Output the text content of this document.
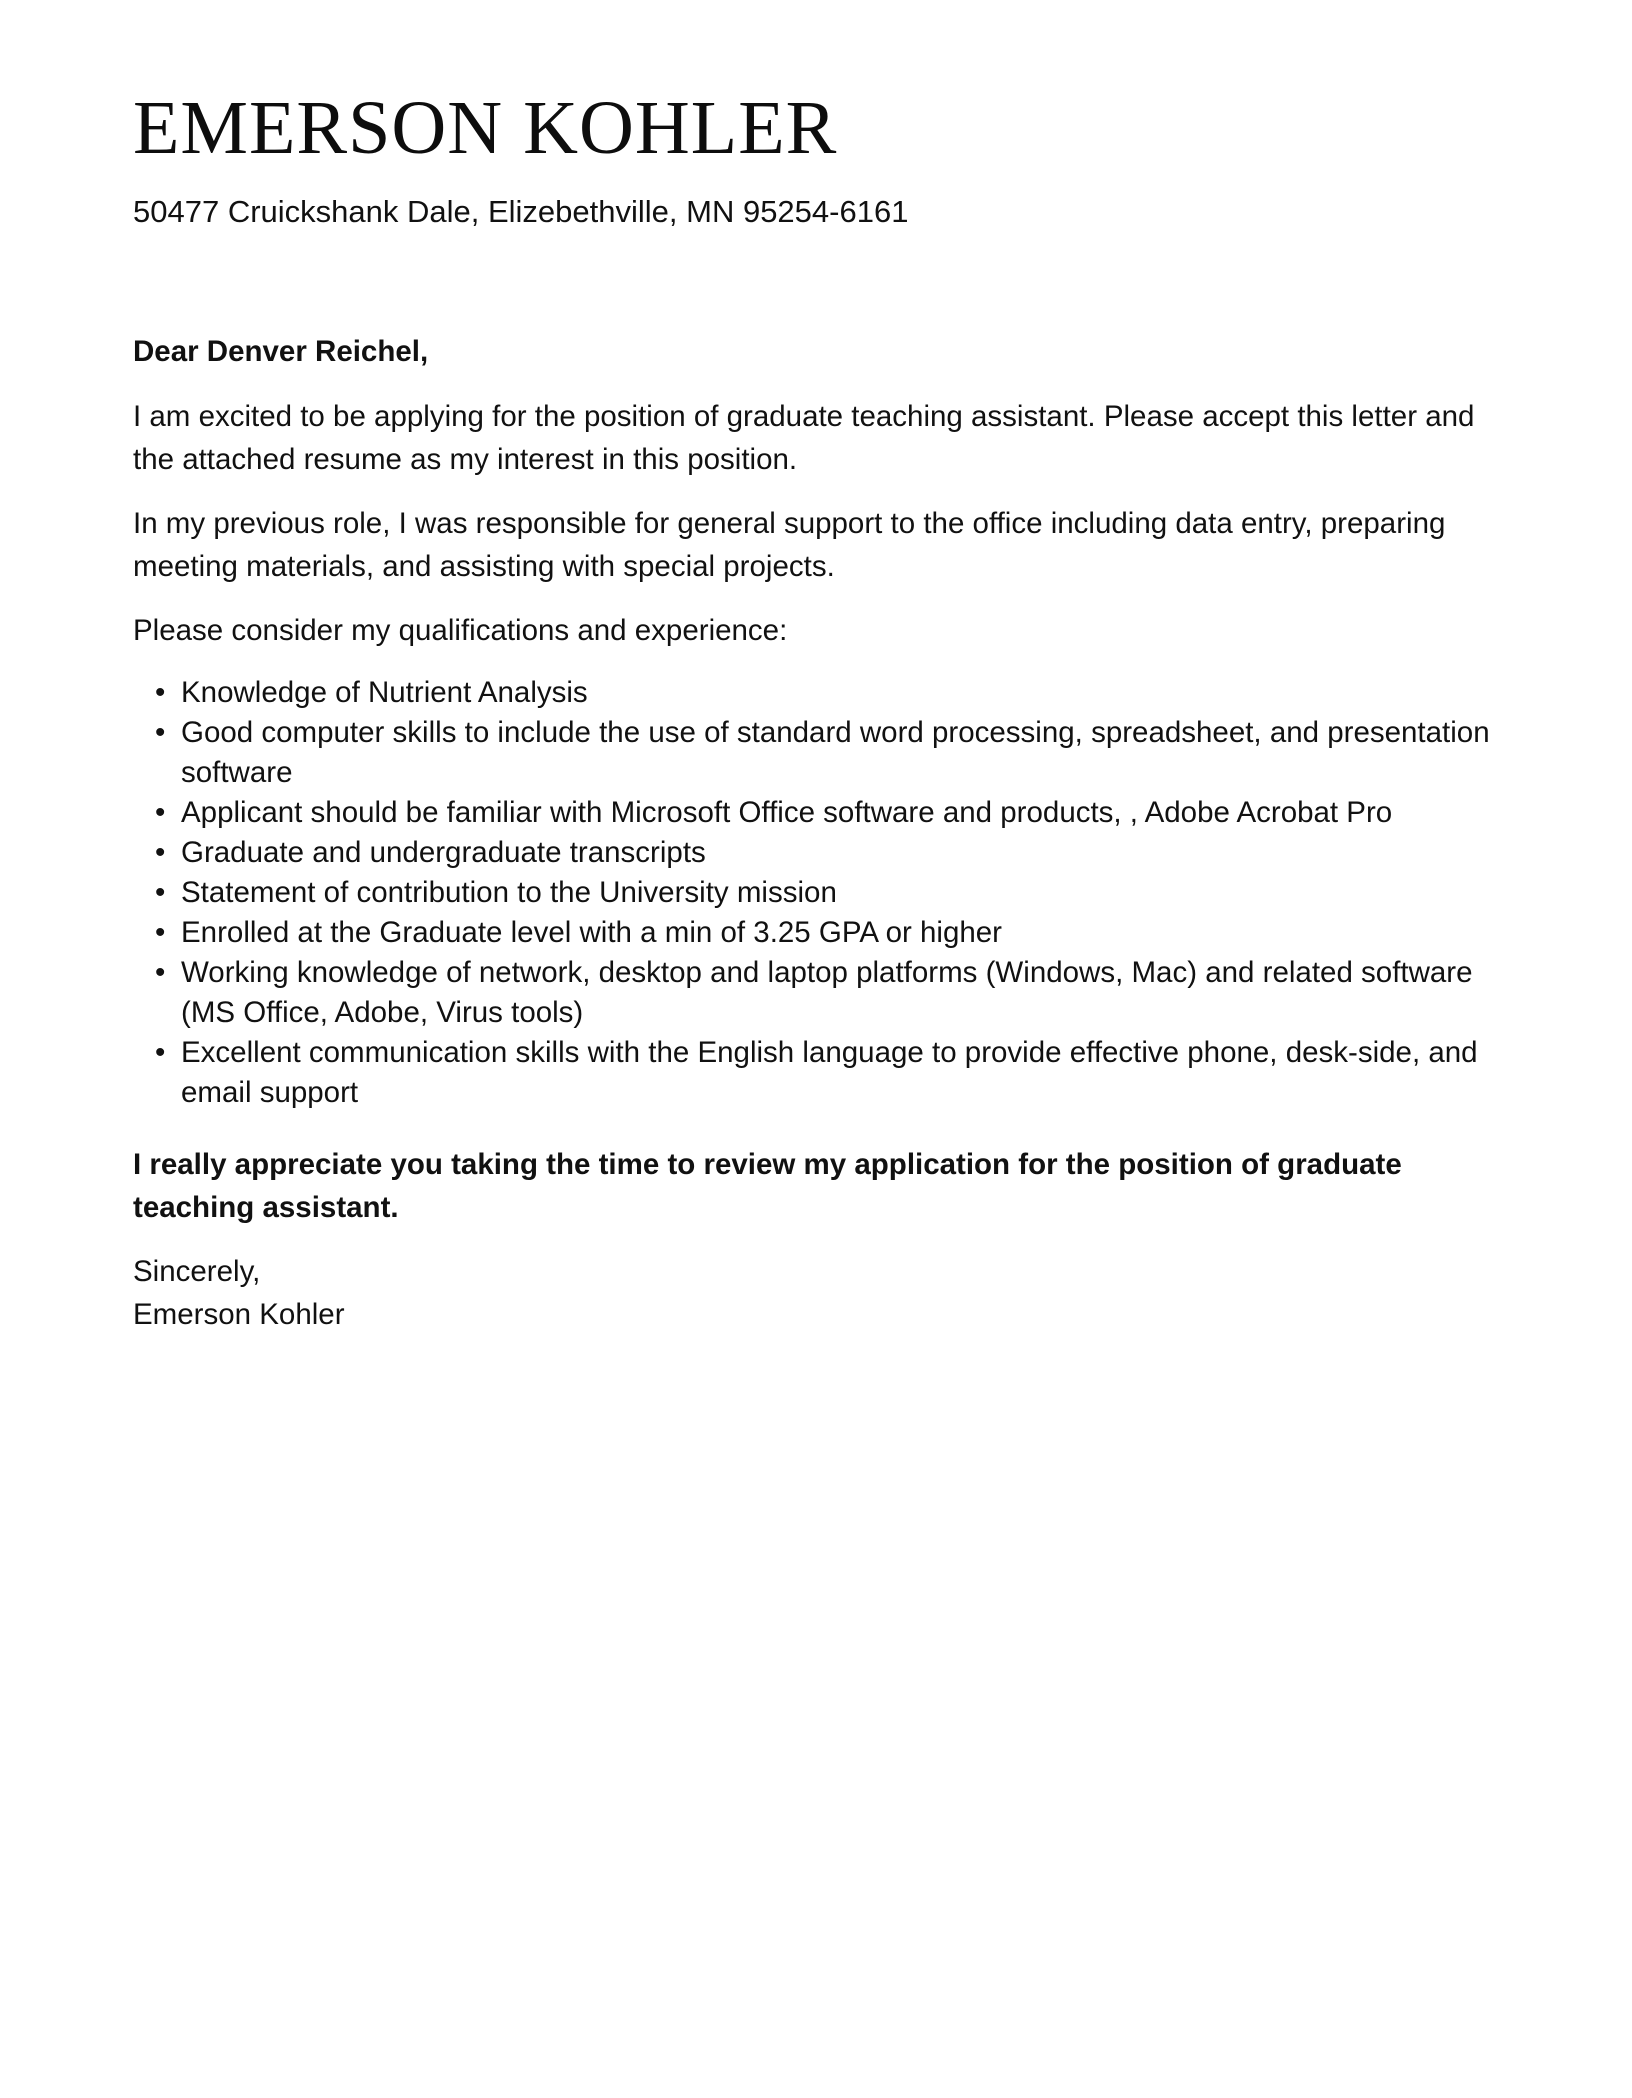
EMERSON KOHLER
50477 Cruickshank Dale, Elizebethville, MN 95254-6161

Dear Denver Reichel,

I am excited to be applying for the position of graduate teaching assistant. Please accept this letter and the attached resume as my interest in this position.

In my previous role, I was responsible for general support to the office including data entry, preparing meeting materials, and assisting with special projects.

Please consider my qualifications and experience:

• Knowledge of Nutrient Analysis
• Good computer skills to include the use of standard word processing, spreadsheet, and presentation software
• Applicant should be familiar with Microsoft Office software and products, , Adobe Acrobat Pro
• Graduate and undergraduate transcripts
• Statement of contribution to the University mission
• Enrolled at the Graduate level with a min of 3.25 GPA or higher
• Working knowledge of network, desktop and laptop platforms (Windows, Mac) and related software (MS Office, Adobe, Virus tools)
• Excellent communication skills with the English language to provide effective phone, desk-side, and email support

I really appreciate you taking the time to review my application for the position of graduate teaching assistant.

Sincerely,

Emerson Kohler
